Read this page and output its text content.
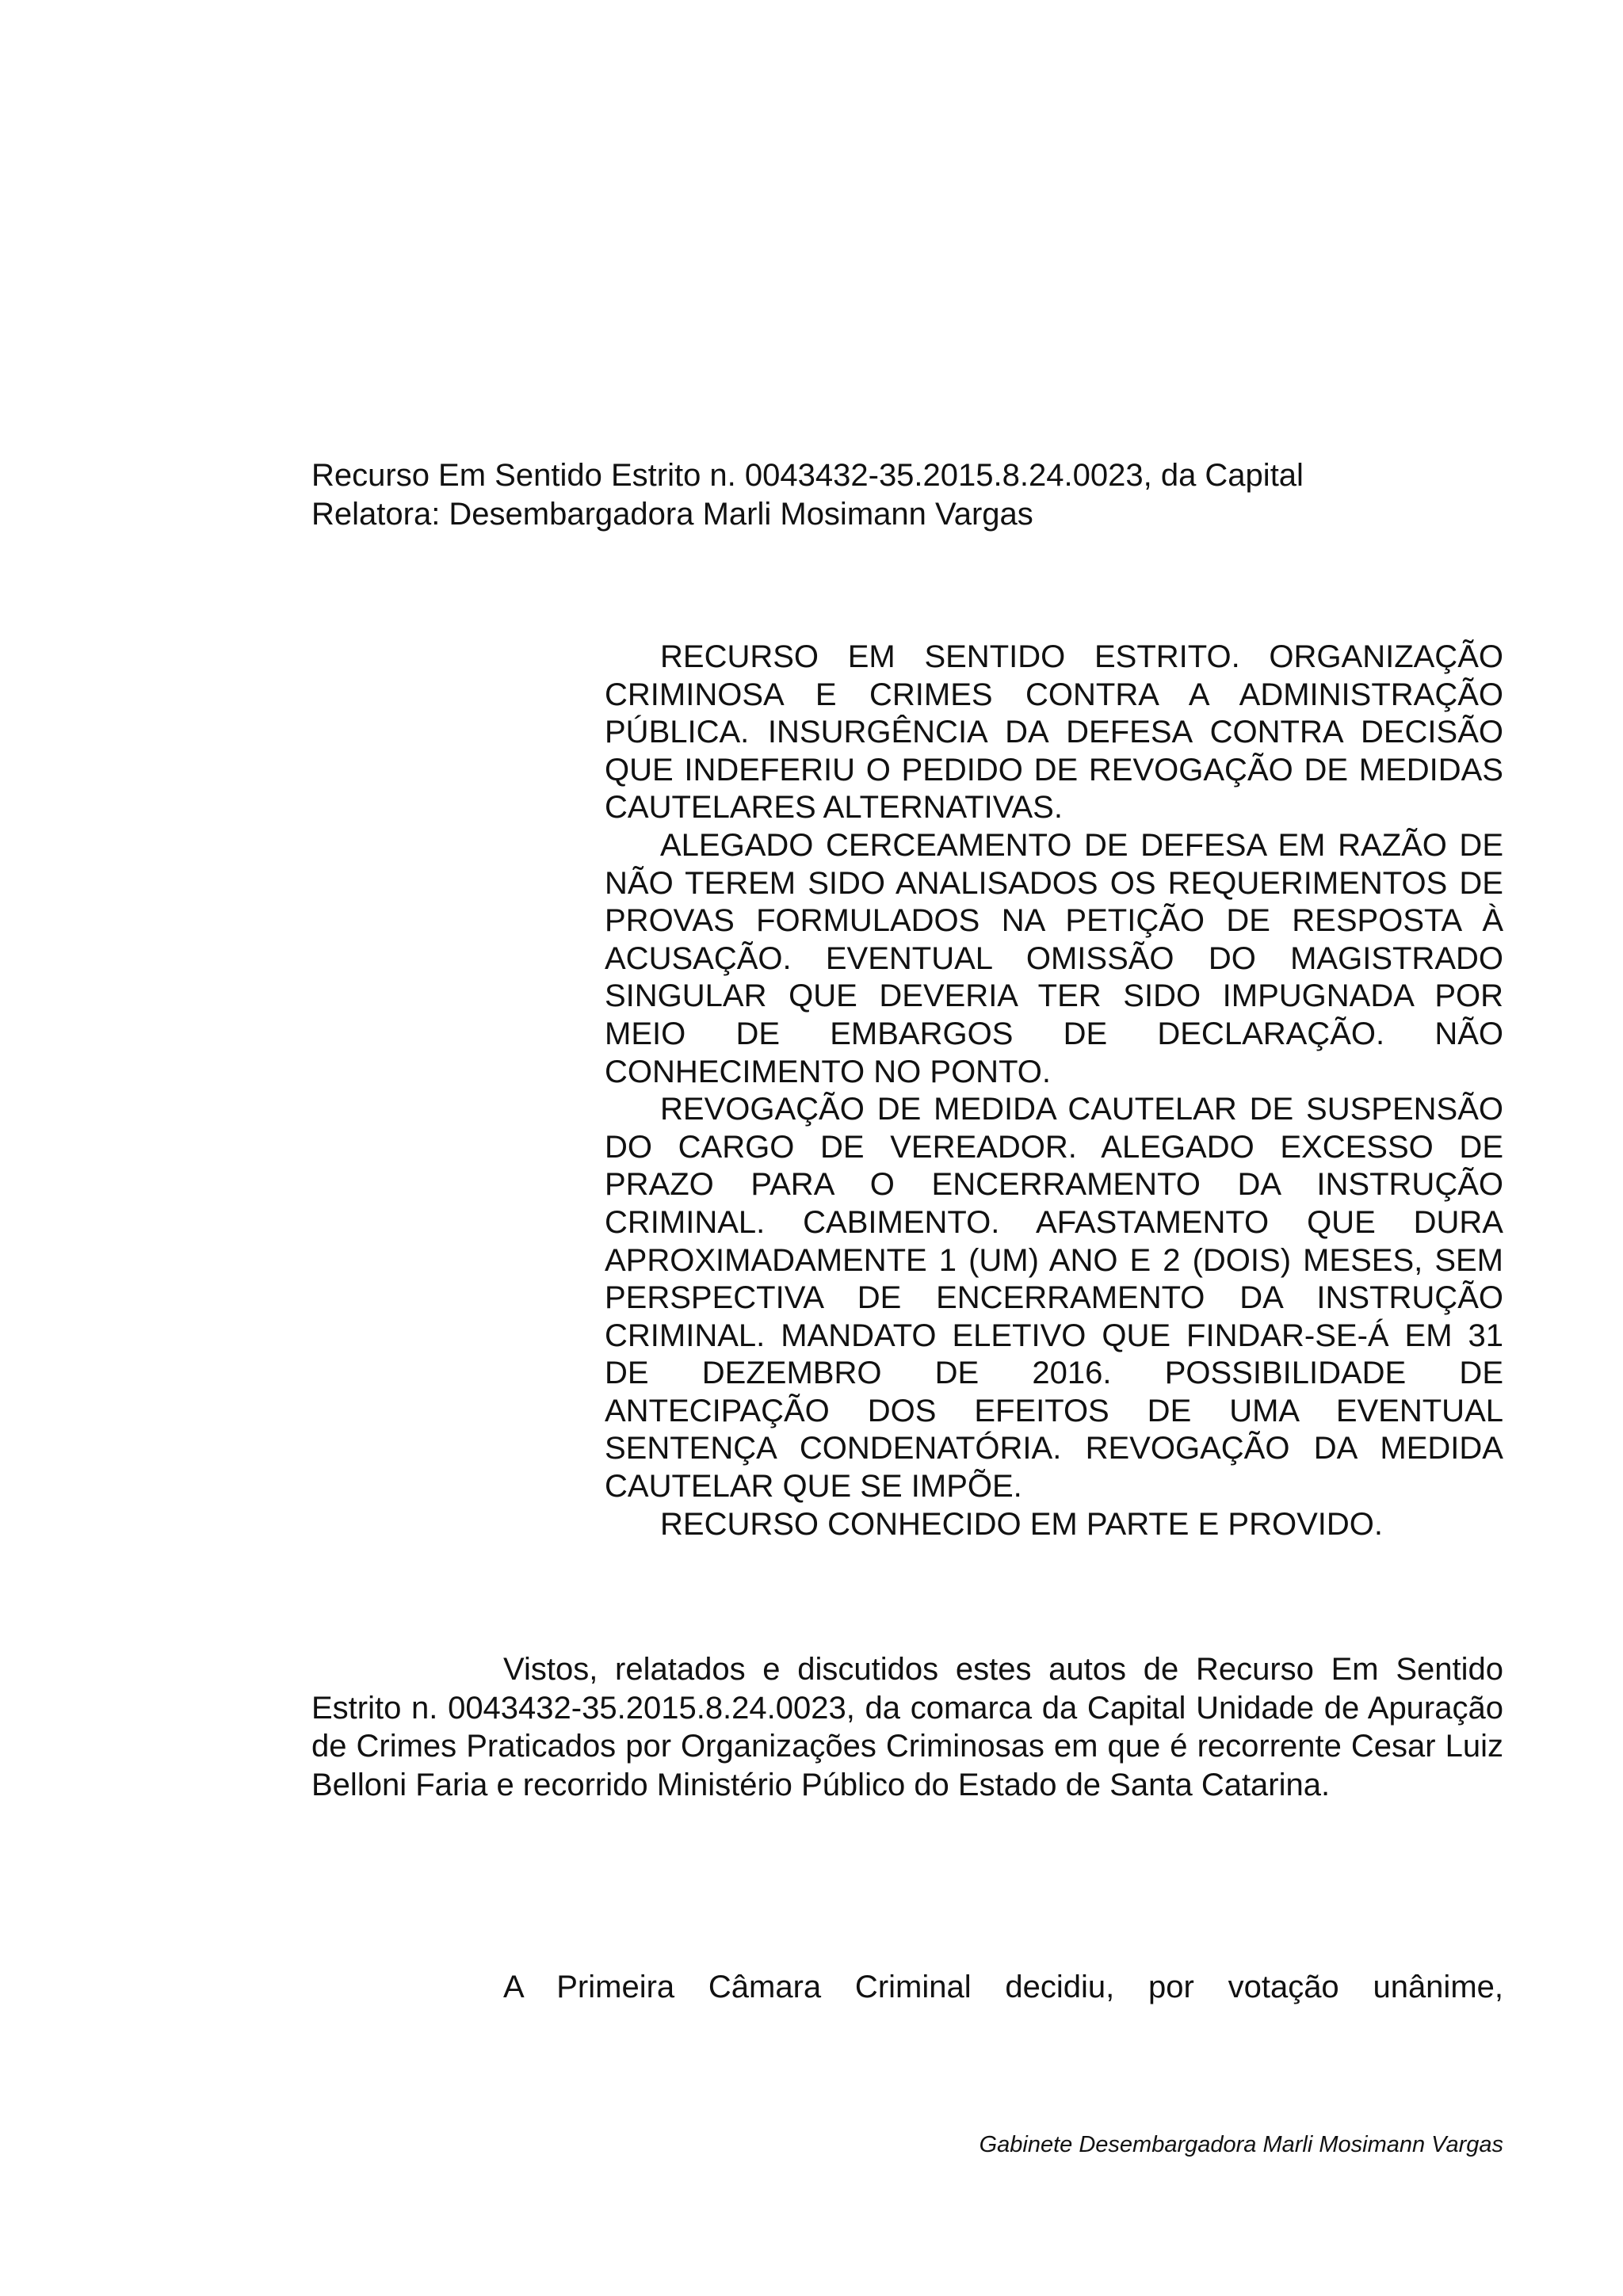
Recurso Em Sentido Estrito n. 0043432-35.2015.8.24.0023, da Capital
Relatora: Desembargadora Marli Mosimann Vargas

RECURSO EM SENTIDO ESTRITO. ORGANIZAÇÃO CRIMINOSA E CRIMES CONTRA A ADMINISTRAÇÃO PÚBLICA. INSURGÊNCIA DA DEFESA CONTRA DECISÃO QUE INDEFERIU O PEDIDO DE REVOGAÇÃO DE MEDIDAS CAUTELARES ALTERNATIVAS.

ALEGADO CERCEAMENTO DE DEFESA EM RAZÃO DE NÃO TEREM SIDO ANALISADOS OS REQUERIMENTOS DE PROVAS FORMULADOS NA PETIÇÃO DE RESPOSTA À ACUSAÇÃO. EVENTUAL OMISSÃO DO MAGISTRADO SINGULAR QUE DEVERIA TER SIDO IMPUGNADA POR MEIO DE EMBARGOS DE DECLARAÇÃO. NÃO CONHECIMENTO NO PONTO.

REVOGAÇÃO DE MEDIDA CAUTELAR DE SUSPENSÃO DO CARGO DE VEREADOR. ALEGADO EXCESSO DE PRAZO PARA O ENCERRAMENTO DA INSTRUÇÃO CRIMINAL. CABIMENTO. AFASTAMENTO QUE DURA APROXIMADAMENTE 1 (UM) ANO E 2 (DOIS) MESES, SEM PERSPECTIVA DE ENCERRAMENTO DA INSTRUÇÃO CRIMINAL. MANDATO ELETIVO QUE FINDAR-SE-Á EM 31 DE DEZEMBRO DE 2016. POSSIBILIDADE DE ANTECIPAÇÃO DOS EFEITOS DE UMA EVENTUAL SENTENÇA CONDENATÓRIA. REVOGAÇÃO DA MEDIDA CAUTELAR QUE SE IMPÕE.

RECURSO CONHECIDO EM PARTE E PROVIDO.

Vistos, relatados e discutidos estes autos de Recurso Em Sentido Estrito n. 0043432-35.2015.8.24.0023, da comarca da Capital Unidade de Apuração de Crimes Praticados por Organizações Criminosas em que é recorrente Cesar Luiz Belloni Faria e recorrido Ministério Público do Estado de Santa Catarina.

A Primeira Câmara Criminal decidiu, por votação unânime,
Gabinete Desembargadora Marli Mosimann Vargas
